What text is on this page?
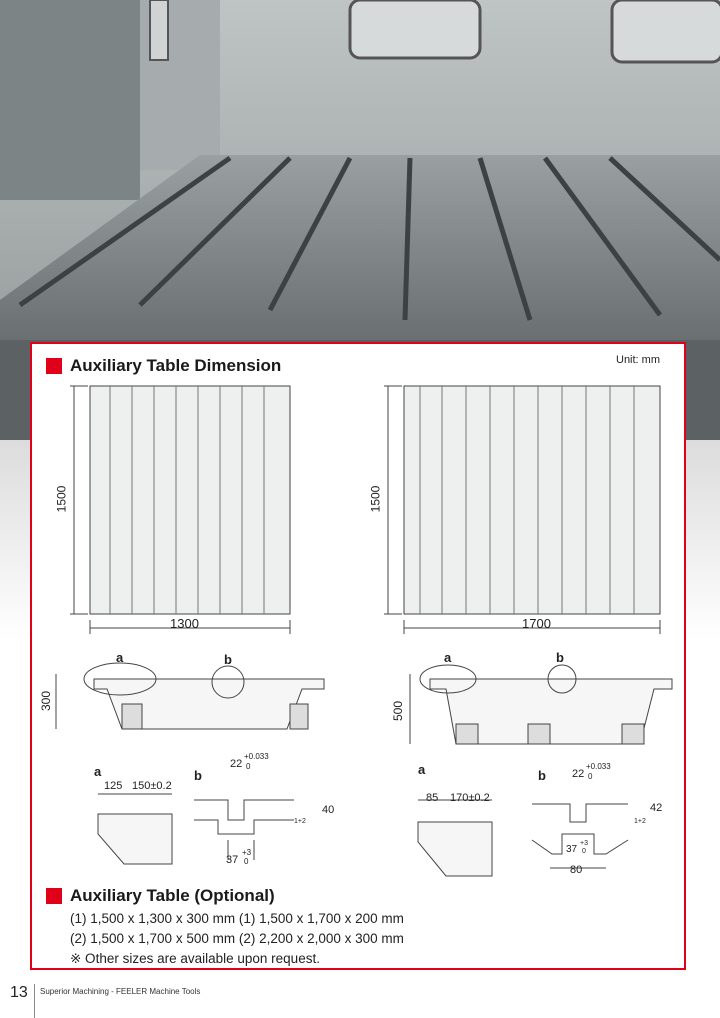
Auxiliary Table Dimension	Unit: mm
1500
1300
1500
1700
a	b
300
a	b
500
a
125 150±0.2
b
22
+0.033
0
40
1+2
37
+3
0
a
85 170±0.2
b 22
+0.033
0
42
1+2
37
+3
0
80
Auxiliary Table (Optional)
(1) 1,500 x 1,300 x 300 mm (1) 1,500 x 1,700 x 200 mm
(2) 1,500 x 1,700 x 500 mm (2) 2,200 x 2,000 x 300 mm
※ Other sizes are available upon request.
13 Superior Machining - FEELER Machine Tools
